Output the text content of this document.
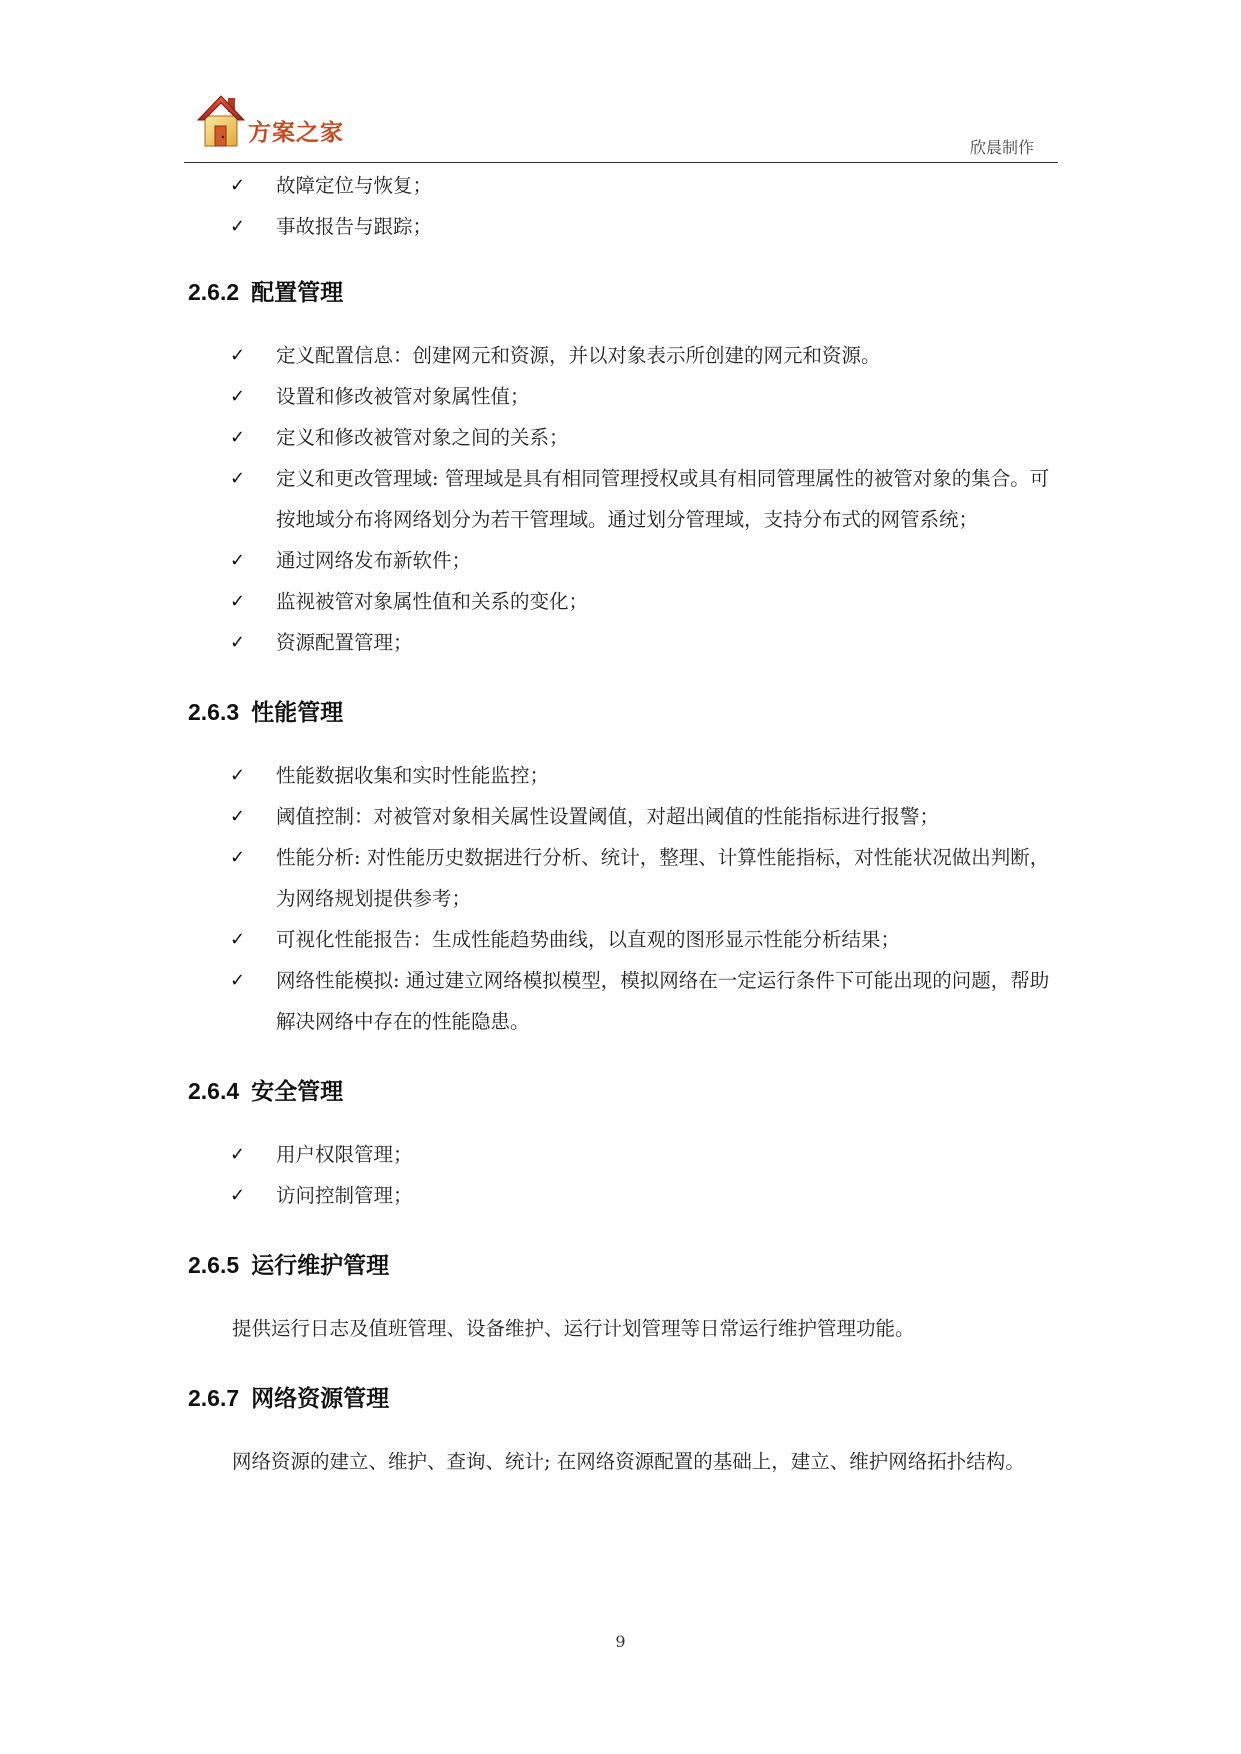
方案之家
欣晨制作
✓ 故障定位与恢复；
✓ 事故报告与跟踪；
2.6.2 配置管理
✓ 定义配置信息：创建网元和资源，并以对象表示所创建的网元和资源。
✓ 设置和修改被管对象属性值；
✓ 定义和修改被管对象之间的关系；
✓ 定义和更改管理域: 管理域是具有相同管理授权或具有相同管理属性的被管对象的集合。可按地域分布将网络划分为若干管理域。通过划分管理域，支持分布式的网管系统；
✓ 通过网络发布新软件；
✓ 监视被管对象属性值和关系的变化；
✓ 资源配置管理；
2.6.3 性能管理
✓ 性能数据收集和实时性能监控；
✓ 阈值控制：对被管对象相关属性设置阈值，对超出阈值的性能指标进行报警；
✓ 性能分析: 对性能历史数据进行分析、统计，整理、计算性能指标，对性能状况做出判断，为网络规划提供参考；
✓ 可视化性能报告：生成性能趋势曲线，以直观的图形显示性能分析结果；
✓ 网络性能模拟: 通过建立网络模拟模型，模拟网络在一定运行条件下可能出现的问题，帮助解决网络中存在的性能隐患。
2.6.4 安全管理
✓ 用户权限管理；
✓ 访问控制管理；
2.6.5 运行维护管理

提供运行日志及值班管理、设备维护、运行计划管理等日常运行维护管理功能。

2.6.7 网络资源管理

网络资源的建立、维护、查询、统计; 在网络资源配置的基础上，建立、维护网络拓扑结构。

9
